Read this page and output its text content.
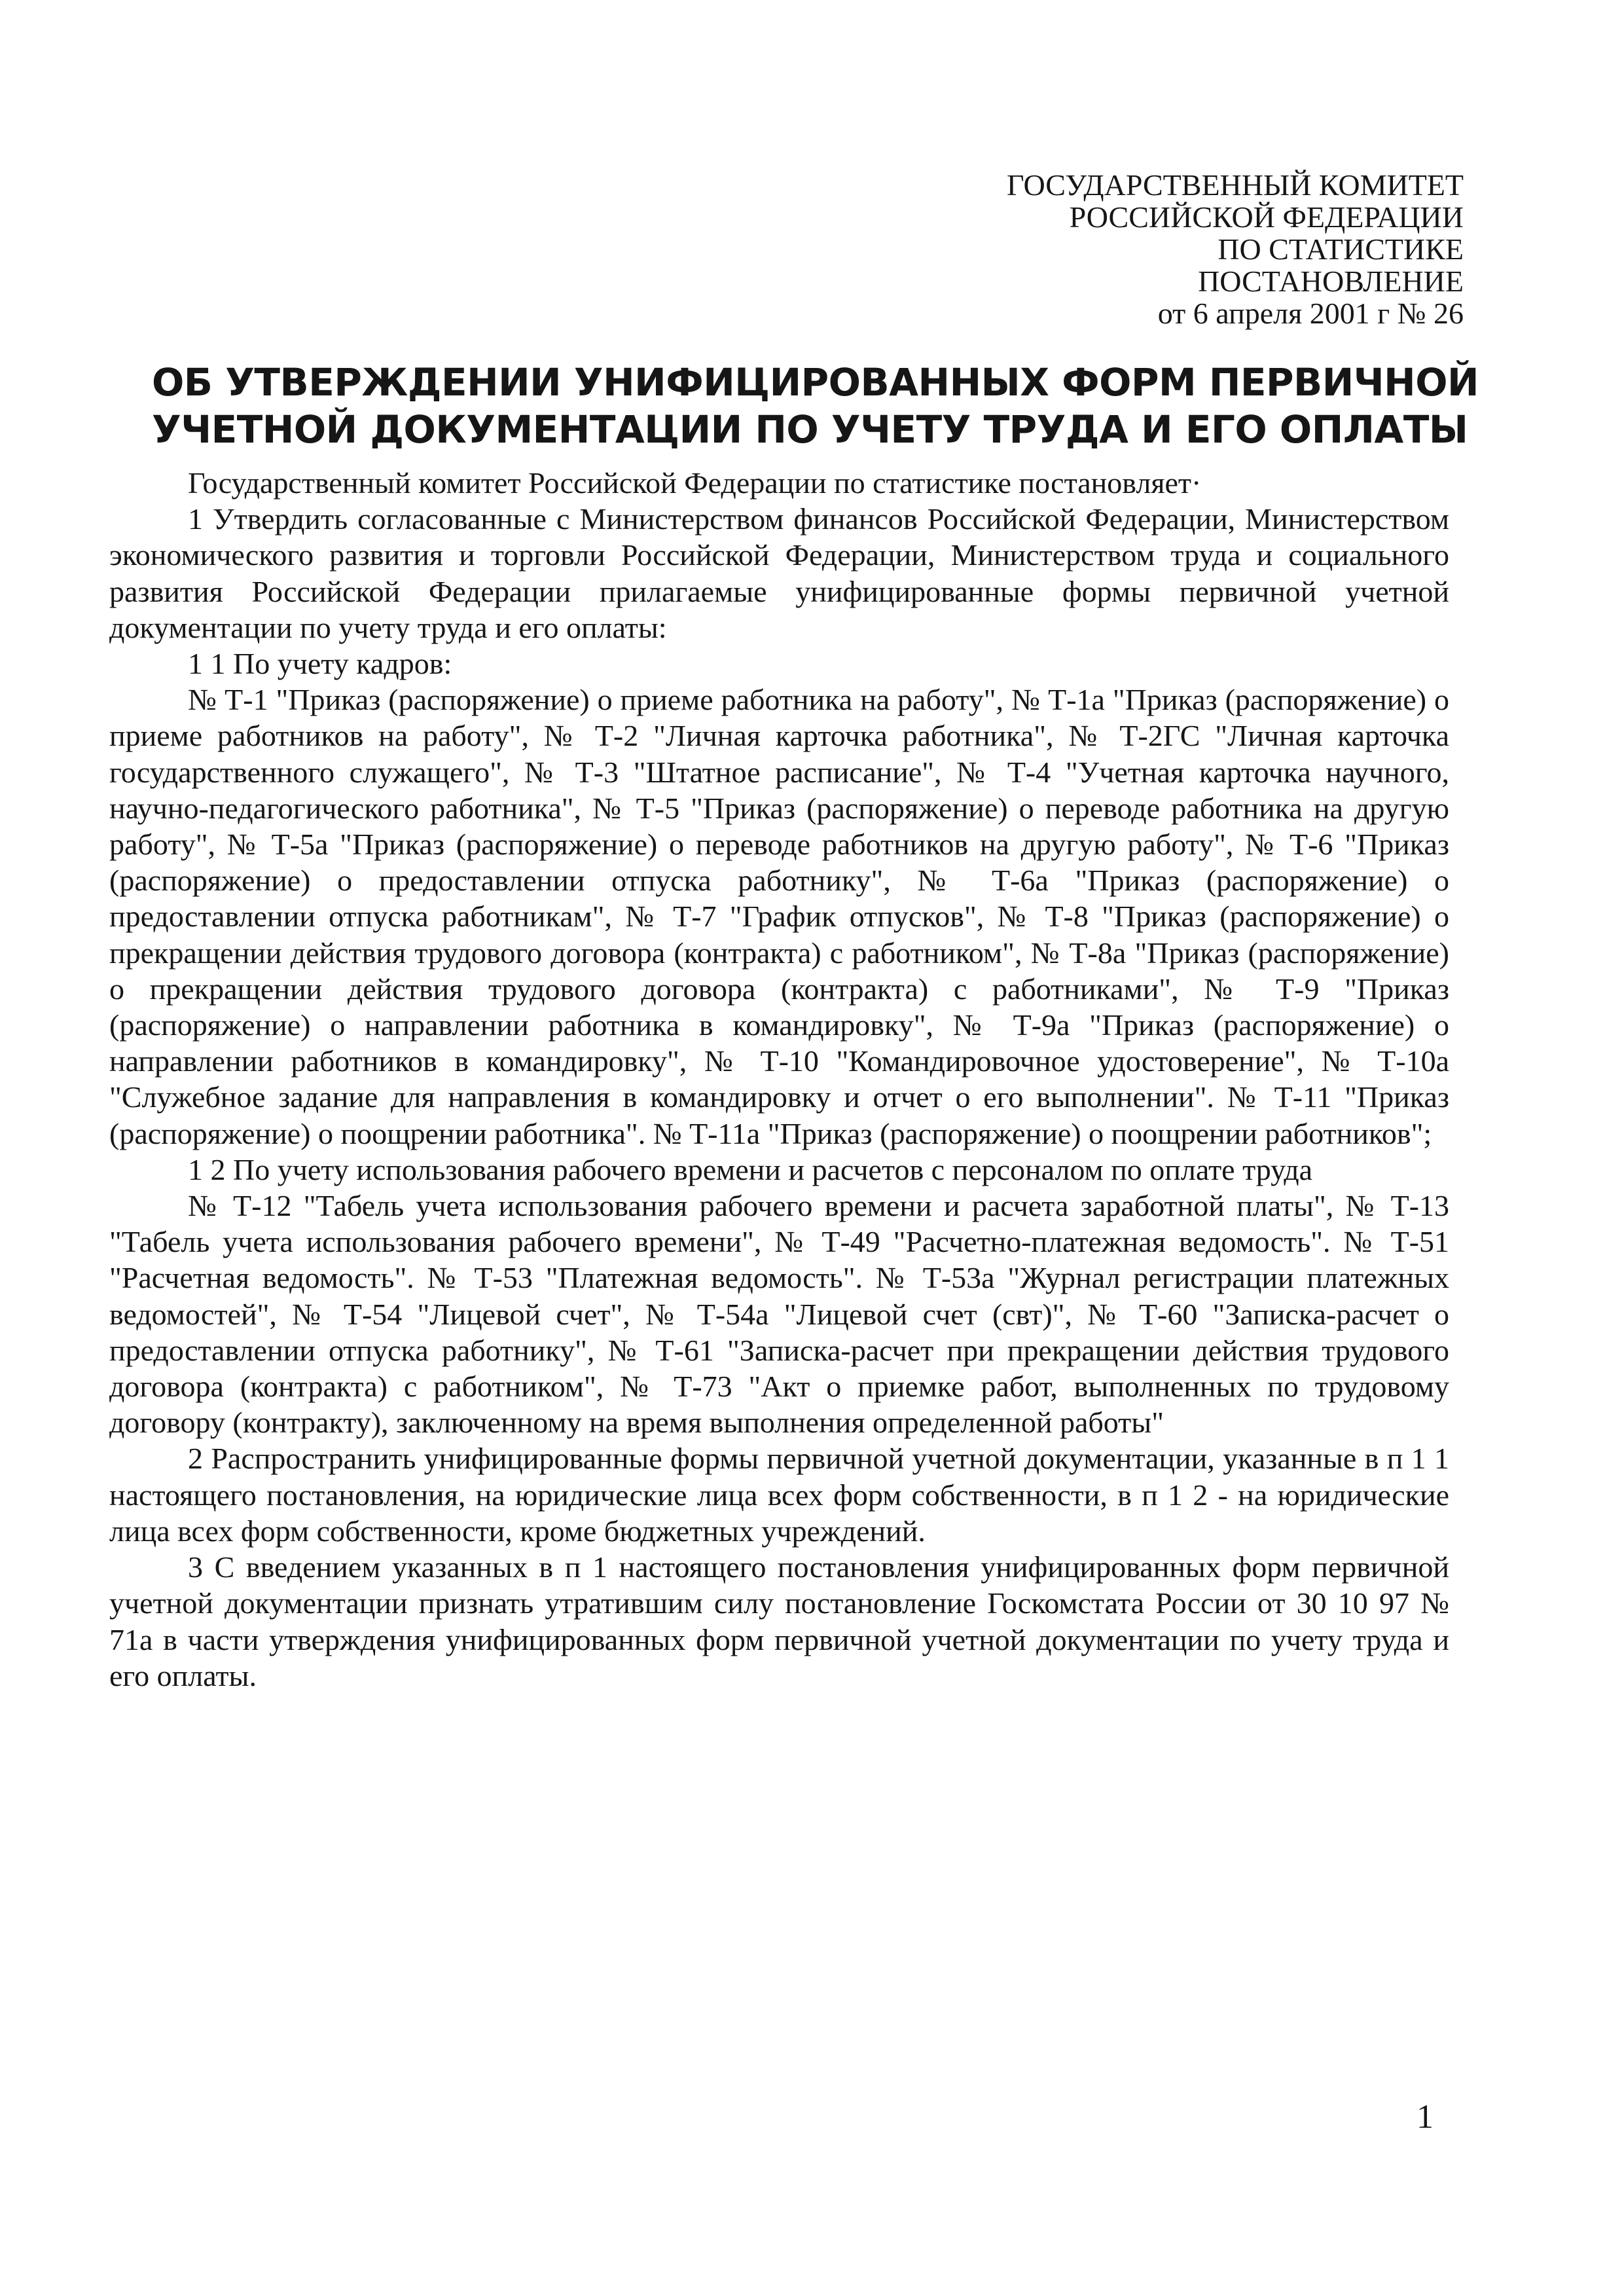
ГОСУДАРСТВЕННЫЙ КОМИТЕТ
РОССИЙСКОЙ ФЕДЕРАЦИИ
ПО СТАТИСТИКЕ
ПОСТАНОВЛЕНИЕ
от 6 апреля 2001 г № 26
ОБ УТВЕРЖДЕНИИ УНИФИЦИРОВАННЫХ ФОРМ ПЕРВИЧНОЙ
УЧЕТНОЙ ДОКУМЕНТАЦИИ ПО УЧЕТУ ТРУДА И ЕГО ОПЛАТЫ

Государственный комитет Российской Федерации по статистике постановляет·

1 Утвердить согласованные с Министерством финансов Российской Федерации, Министерством экономического развития и торговли Российской Федерации, Министерством труда и социального развития Российской Федерации прилагаемые унифицированные формы первичной учетной документации по учету труда и его оплаты:

1 1 По учету кадров:

№ Т-1 "Приказ (распоряжение) о приеме работника на работу", № Т-1а "Приказ (распоряжение) о приеме работников на работу", № Т-2 "Личная карточка работника", № Т-2ГС "Личная карточка государственного служащего", № Т-3 "Штатное расписание", № Т-4 "Учетная карточка научного, научно-педагогического работника", № Т-5 "Приказ (распоряжение) о переводе работника на другую работу", № Т-5а "Приказ (распоряжение) о переводе работников на другую работу", № Т-6 "Приказ (распоряжение) о предоставлении отпуска работнику", № Т-6а "Приказ (распоряжение) о предоставлении отпуска работникам", № Т-7 "График отпусков", № Т-8 "Приказ (распоряжение) о прекращении действия трудового договора (контракта) с работником", № Т-8а "Приказ (распоряжение) о прекращении действия трудового договора (контракта) с работниками", № Т-9 "Приказ (распоряжение) о направлении работника в командировку", № Т-9а "Приказ (распоряжение) о направлении работников в командировку", № Т-10 "Командировочное удостоверение", № Т-10а "Служебное задание для направления в командировку и отчет о его выполнении". № Т-11 "Приказ (распоряжение) о поощрении работника". № Т-11а "Приказ (распоряжение) о поощрении работников";

1 2 По учету использования рабочего времени и расчетов с персоналом по оплате труда

№ Т-12 "Табель учета использования рабочего времени и расчета заработной платы", № Т-13 "Табель учета использования рабочего времени", № Т-49 "Расчетно-платежная ведомость". № Т-51 "Расчетная ведомость". № Т-53 "Платежная ведомость". № Т-53а "Журнал регистрации платежных ведомостей", № Т-54 "Лицевой счет", № Т-54а "Лицевой счет (свт)", № Т-60 "Записка-расчет о предоставлении отпуска работнику", № Т-61 "Записка-расчет при прекращении действия трудового договора (контракта) с работником", № Т-73 "Акт о приемке работ, выполненных по трудовому договору (контракту), заключенному на время выполнения определенной работы"

2 Распространить унифицированные формы первичной учетной документации, указанные в п 1 1 настоящего постановления, на юридические лица всех форм собственности, в п 1 2 - на юридические лица всех форм собственности, кроме бюджетных учреждений.

3 С введением указанных в п 1 настоящего постановления унифицированных форм первичной учетной документации признать утратившим силу постановление Госкомстата России от 30 10 97 № 71а в части утверждения унифицированных форм первичной учетной документации по учету труда и его оплаты.

1
